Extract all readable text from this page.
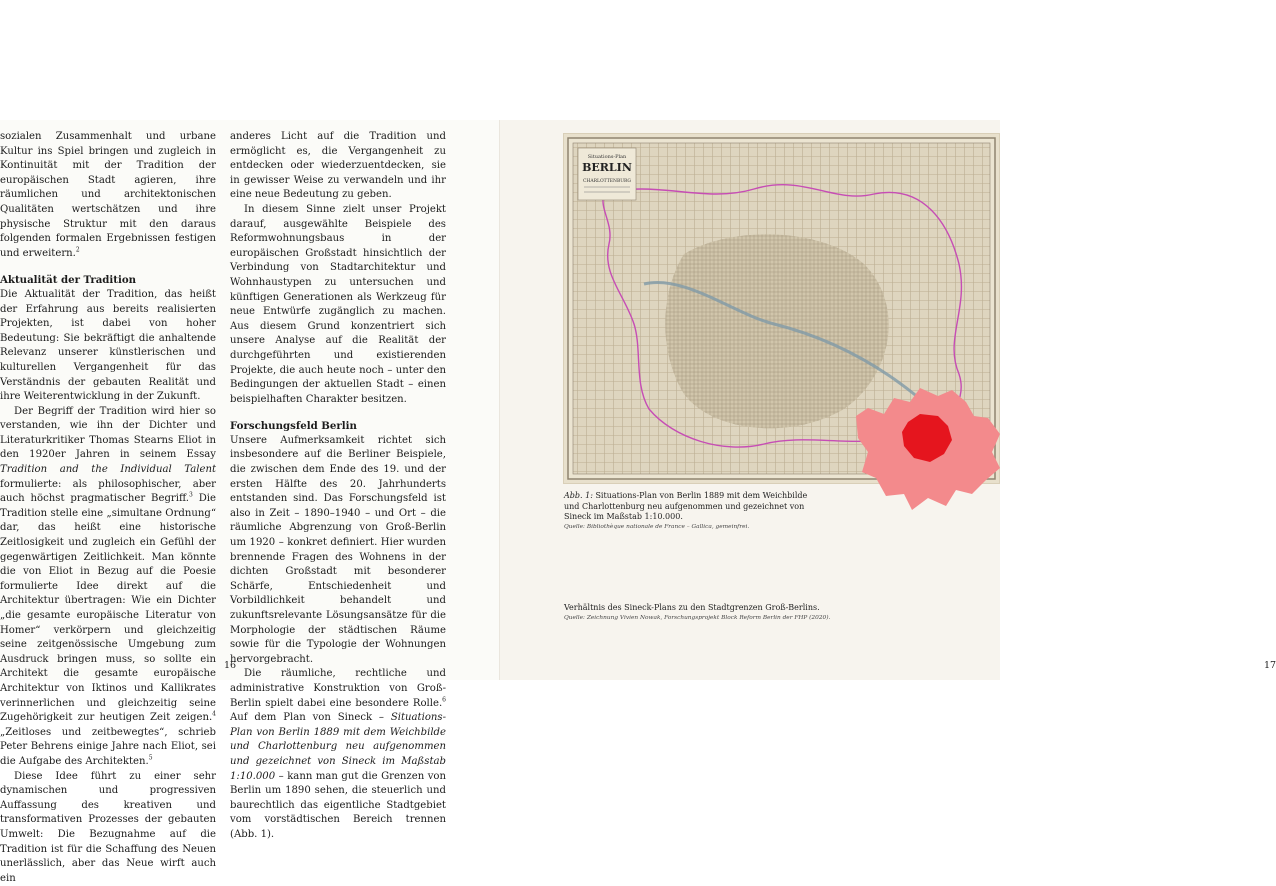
sozialen Zusammenhalt und urbane Kultur ins Spiel bringen und zugleich in Kontinuität mit der Tradition der europäischen Stadt agieren, ihre räumlichen und architektonischen Qualitäten wertschätzen und ihre physische Struktur mit den daraus folgenden formalen Ergebnissen festigen und erweitern.$^2$

Aktualität der Tradition

Die Aktualität der Tradition, das heißt der Erfahrung aus bereits realisierten Projekten, ist dabei von hoher Bedeutung: Sie bekräftigt die anhaltende Relevanz unserer künstlerischen und kulturellen Vergangenheit für das Verständnis der gebauten Realität und ihre Weiterentwicklung in der Zukunft.

Der Begriff der Tradition wird hier so verstanden, wie ihn der Dichter und Literaturkritiker Thomas Stearns Eliot in den 1920er Jahren in seinem Essay Tradition and the Individual Talent formulierte: als philosophischer, aber auch höchst pragmatischer Begriff.$^3$ Die Tradition stelle eine „simultane Ordnung“ dar, das heißt eine historische Zeitlosigkeit und zugleich ein Gefühl der gegenwärtigen Zeitlichkeit. Man könnte die von Eliot in Bezug auf die Poesie formulierte Idee direkt auf die Architektur übertragen: Wie ein Dichter „die gesamte europäische Literatur von Homer“ verkörpern und gleichzeitig seine zeitgenössische Umgebung zum Ausdruck bringen muss, so sollte ein Architekt die gesamte europäische Architektur von Iktinos und Kallikrates verinnerlichen und gleichzeitig seine Zugehörigkeit zur heutigen Zeit zeigen.$^4$ „Zeitloses und zeitbewegtes“, schrieb Peter Behrens einige Jahre nach Eliot, sei die Aufgabe des Architekten.$^5$

Diese Idee führt zu einer sehr dynamischen und progressiven Auffassung des kreativen und transformativen Prozesses der gebauten Umwelt: Die Bezugnahme auf die Tradition ist für die Schaffung des Neuen unerlässlich, aber das Neue wirft auch ein

anderes Licht auf die Tradition und ermöglicht es, die Vergangenheit zu entdecken oder wiederzuentdecken, sie in gewisser Weise zu verwandeln und ihr eine neue Bedeutung zu geben.

In diesem Sinne zielt unser Projekt darauf, ausgewählte Beispiele des Reformwohnungsbaus in der europäischen Großstadt hinsichtlich der Verbindung von Stadtarchitektur und Wohnhaustypen zu untersuchen und künftigen Generationen als Werkzeug für neue Entwürfe zugänglich zu machen. Aus diesem Grund konzentriert sich unsere Analyse auf die Realität der durchgeführten und existierenden Projekte, die auch heute noch – unter den Bedingungen der aktuellen Stadt – einen beispielhaften Charakter besitzen.

Forschungsfeld Berlin

Unsere Aufmerksamkeit richtet sich insbesondere auf die Berliner Beispiele, die zwischen dem Ende des 19. und der ersten Hälfte des 20. Jahrhunderts entstanden sind. Das Forschungsfeld ist also in Zeit – 1890–1940 – und Ort – die räumliche Abgrenzung von Groß-Berlin um 1920 – konkret definiert. Hier wurden brennende Fragen des Wohnens in der dichten Großstadt mit besonderer Schärfe, Entschiedenheit und Vorbildlichkeit behandelt und zukunftsrelevante Lösungsansätze für die Morphologie der städtischen Räume sowie für die Typologie der Wohnungen hervorgebracht.

Die räumliche, rechtliche und administrative Konstruktion von Groß-Berlin spielt dabei eine besondere Rolle.$^6$ Auf dem Plan von Sineck – Situations-Plan von Berlin 1889 mit dem Weichbilde und Charlottenburg neu aufgenommen und gezeichnet von Sineck im Maßstab 1:10.000 – kann man gut die Grenzen von Berlin um 1890 sehen, die steuerlich und baurechtlich das eigentliche Stadtgebiet vom vorstädtischen Bereich trennen (Abb. 1).

16
Situations-Plan
BERLIN
CHARLOTTENBURG
Abb. 1: Situations-Plan von Berlin 1889 mit dem Weichbilde und Charlottenburg neu aufgenommen und gezeichnet von Sineck im Maßstab 1:10.000.
Quelle: Bibliothèque nationale de France – Gallica, gemeinfrei.
Verhältnis des Sineck-Plans zu den Stadtgrenzen Groß-Berlins.
Quelle: Zeichnung Vivien Nowak, Forschungsprojekt Block Reform Berlin der FHP (2020).
17
